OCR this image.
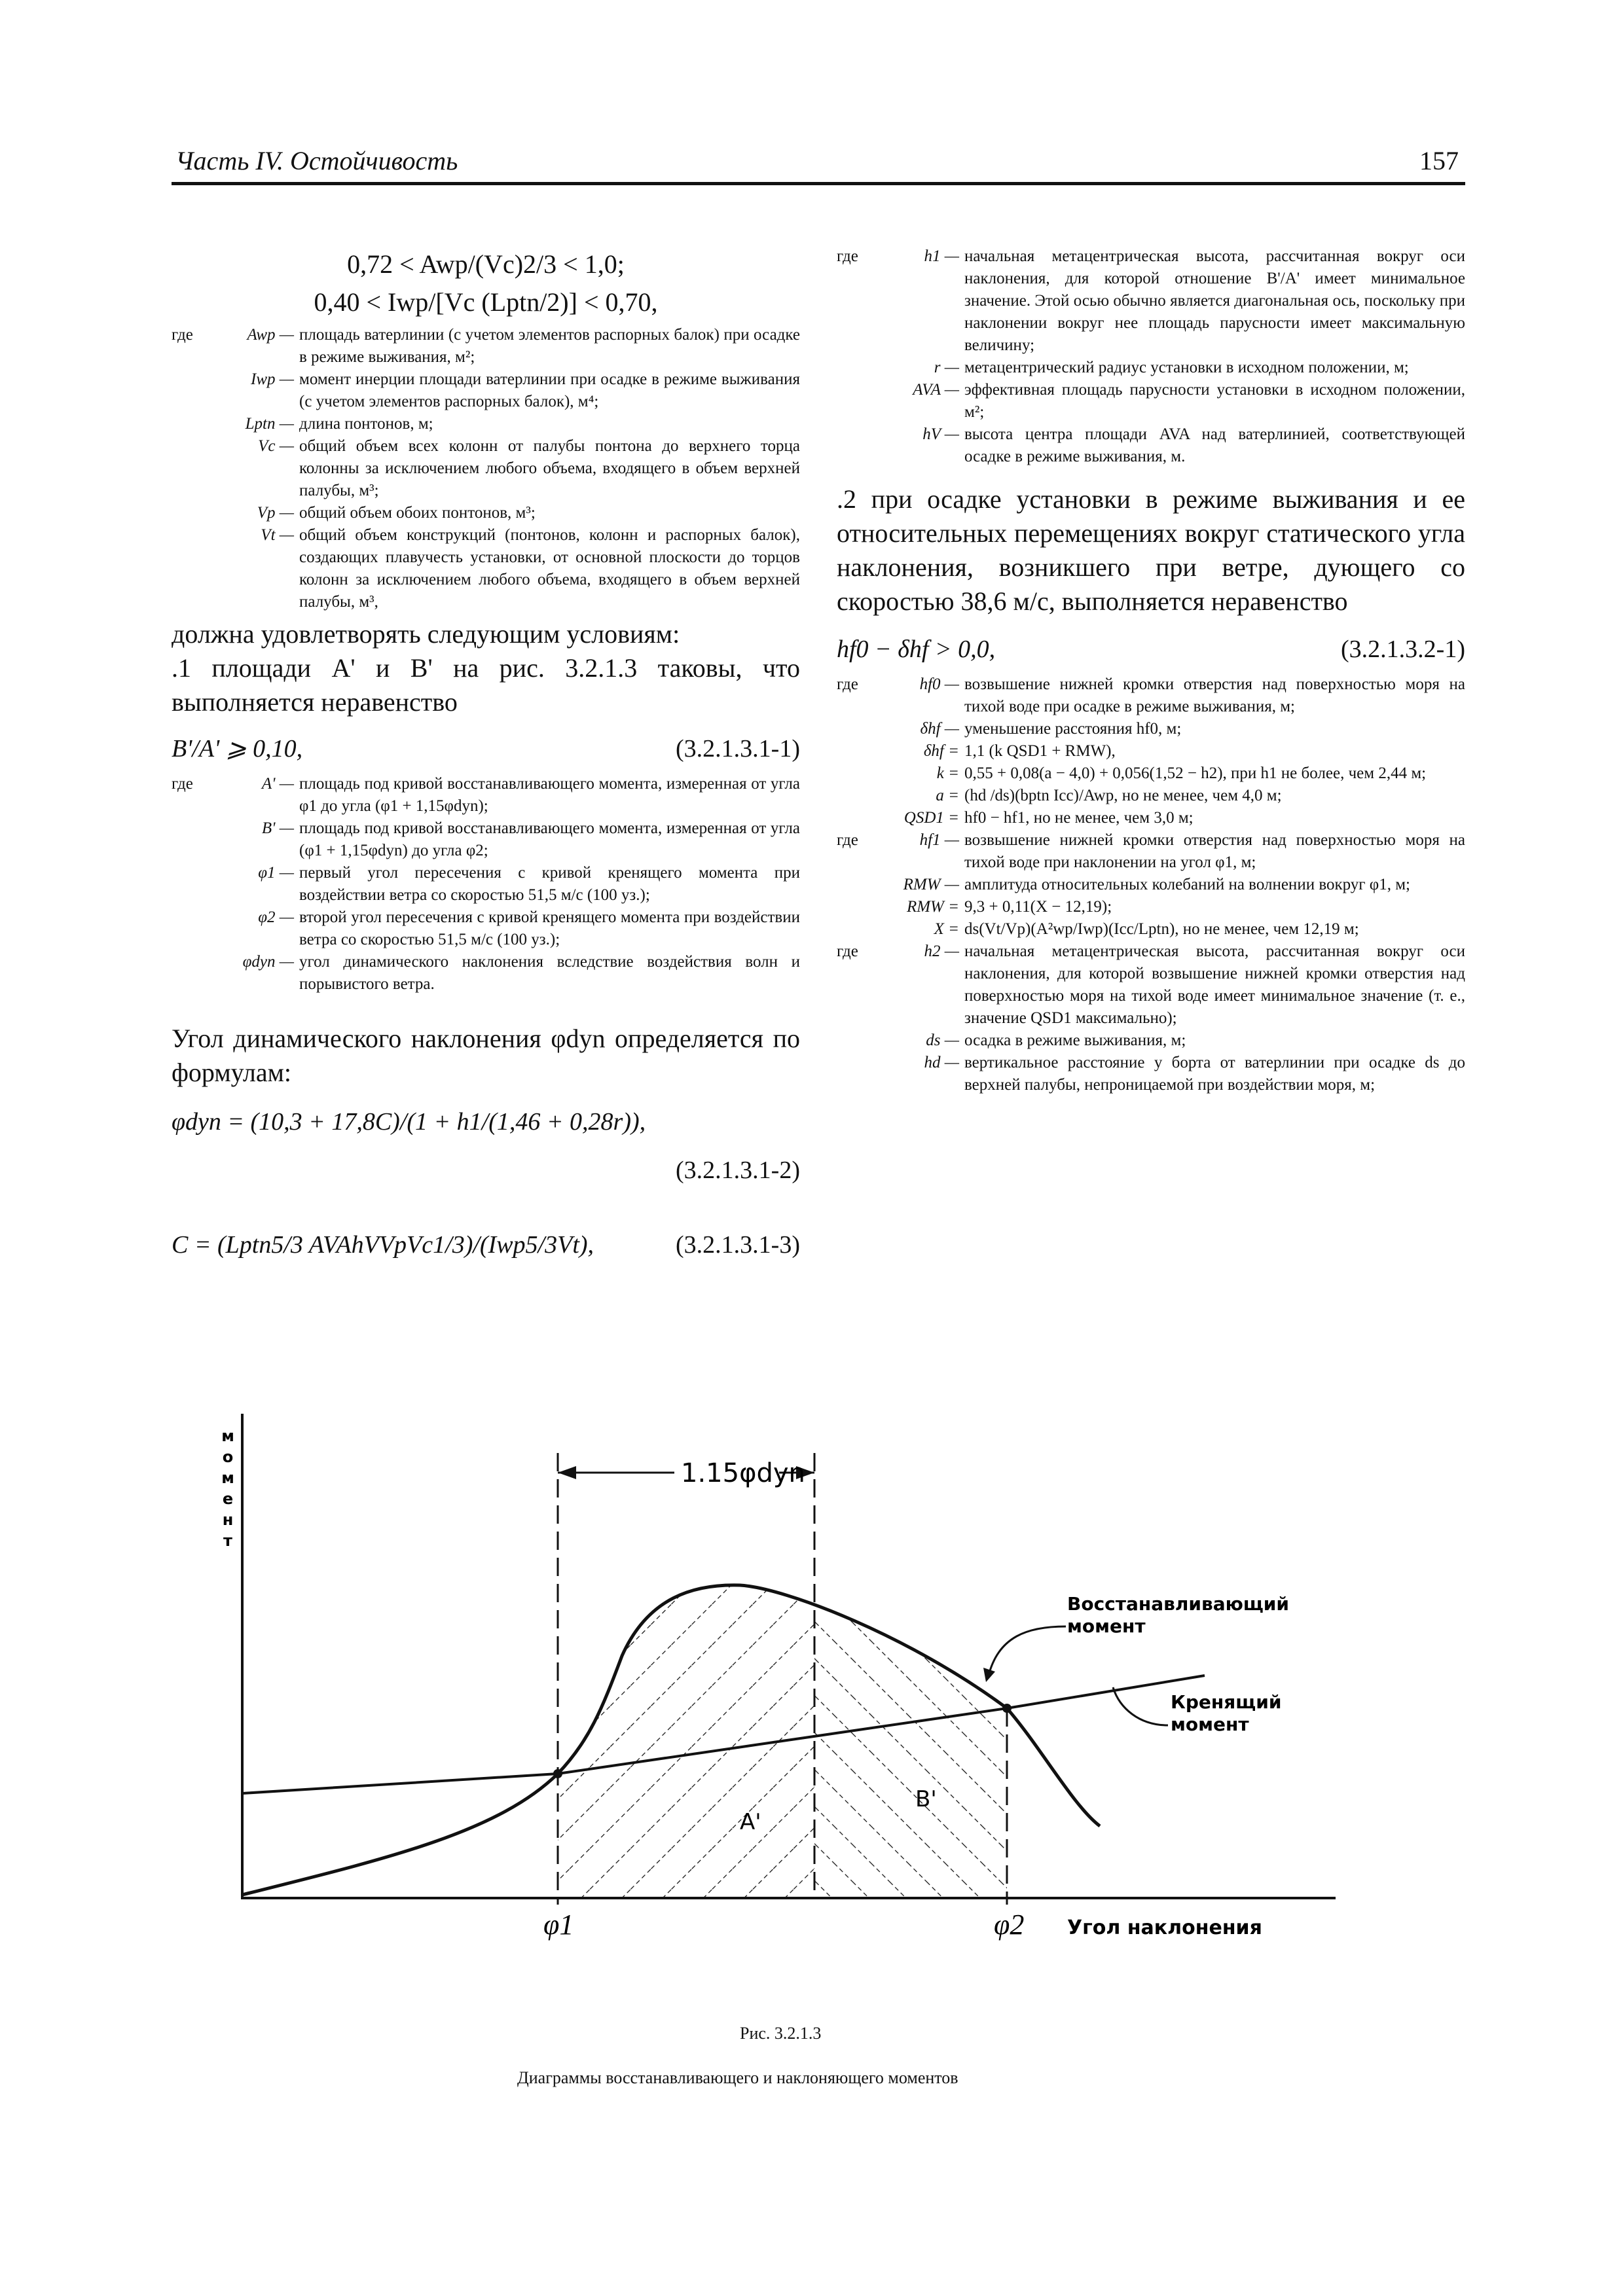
Часть IV. Остойчивость	157
0,72 < Awp/(Vc)2/3 < 1,0;
0,40 < Iwp/[Vc (Lptn/2)] < 0,70,
где	Awp — площадь ватерлинии (с учетом элементов распорных балок) при осадке в режиме выживания, м²;
Iwp — момент инерции площади ватерлинии при осадке в режиме выживания (с учетом элементов распорных балок), м⁴;
Lptn — длина понтонов, м;
Vc — общий объем всех колонн от палубы понтона до верхнего торца колонны за исключением любого объема, входящего в объем верхней палубы, м³;
Vp — общий объем обоих понтонов, м³;
Vt — общий объем конструкций (понтонов, колонн и распорных балок), создающих плавучесть установки, от основной плоскости до торцов колонн за исключением любого объема, входящего в объем верхней палубы, м³,
должна удовлетворять следующим условиям:
.1 площади A' и B' на рис. 3.2.1.3 таковы, что выполняется неравенство
B'/A' ⩾ 0,10,	(3.2.1.3.1-1)
где	A' — площадь под кривой восстанавливающего момента, измеренная от угла φ1 до угла (φ1 + 1,15φdyn);
B' — площадь под кривой восстанавливающего момента, измеренная от угла (φ1 + 1,15φdyn) до угла φ2;
φ1 — первый угол пересечения с кривой кренящего момента при воздействии ветра со скоростью 51,5 м/с (100 уз.);
φ2 — второй угол пересечения с кривой кренящего момента при воздействии ветра со скоростью 51,5 м/с (100 уз.);
φdyn — угол динамического наклонения вследствие воздействия волн и порывистого ветра.
Угол динамического наклонения φdyn определяется по формулам:
φdyn = (10,3 + 17,8C)/(1 + h1/(1,46 + 0,28r)),
(3.2.1.3.1-2)
C = (Lptn5/3 AVAhVVpVc1/3)/(Iwp5/3Vt),	(3.2.1.3.1-3)
где	h1 — начальная метацентрическая высота, рассчитанная вокруг оси наклонения, для которой отношение B'/A' имеет минимальное значение. Этой осью обычно является диагональная ось, поскольку при наклонении вокруг нее площадь парусности имеет максимальную величину;
r — метацентрический радиус установки в исходном положении, м;
AVA — эффективная площадь парусности установки в исходном положении, м²;
hV — высота центра площади AVA над ватерлинией, соответствующей осадке в режиме выживания, м.
.2 при осадке установки в режиме выживания и ее относительных перемещениях вокруг статического угла наклонения, возникшего при ветре, дующего со скоростью 38,6 м/с, выполняется неравенство
hf0 − δhf > 0,0,	(3.2.1.3.2-1)
где	hf0 — возвышение нижней кромки отверстия над поверхностью моря на тихой воде при осадке в режиме выживания, м;
δhf — уменьшение расстояния hf0, м;
δhf = 1,1 (k QSD1 + RMW),
k = 0,55 + 0,08(a − 4,0) + 0,056(1,52 − h2), при h1 не более, чем 2,44 м;
a = (hd /ds)(bptn Icc)/Awp, но не менее, чем 4,0 м;
QSD1 = hf0 − hf1, но не менее, чем 3,0 м;
где	hf1 — возвышение нижней кромки отверстия над поверхностью моря на тихой воде при наклонении на угол φ1, м;
RMW — амплитуда относительных колебаний на волнении вокруг φ1, м;
RMW = 9,3 + 0,11(X − 12,19);
X = ds(Vt/Vp)(A²wp/Iwp)(Icc/Lptn), но не менее, чем 12,19 м;
где	h2 — начальная метацентрическая высота, рассчитанная вокруг оси наклонения, для которой возвышение нижней кромки отверстия над поверхностью моря на тихой воде имеет минимальное значение (т. е., значение QSD1 максимально);
ds — осадка в режиме выживания, м;
hd — вертикальное расстояние у борта от ватерлинии при осадке ds до верхней палубы, непроницаемой при воздействии моря, м;
1.15φdyn
момент
A'
B'
φ1	φ2 Угол наклонения
Восстанавливающий
момент
Кренящий
момент
Рис. 3.2.1.3
Диаграммы восстанавливающего и наклоняющего моментов
